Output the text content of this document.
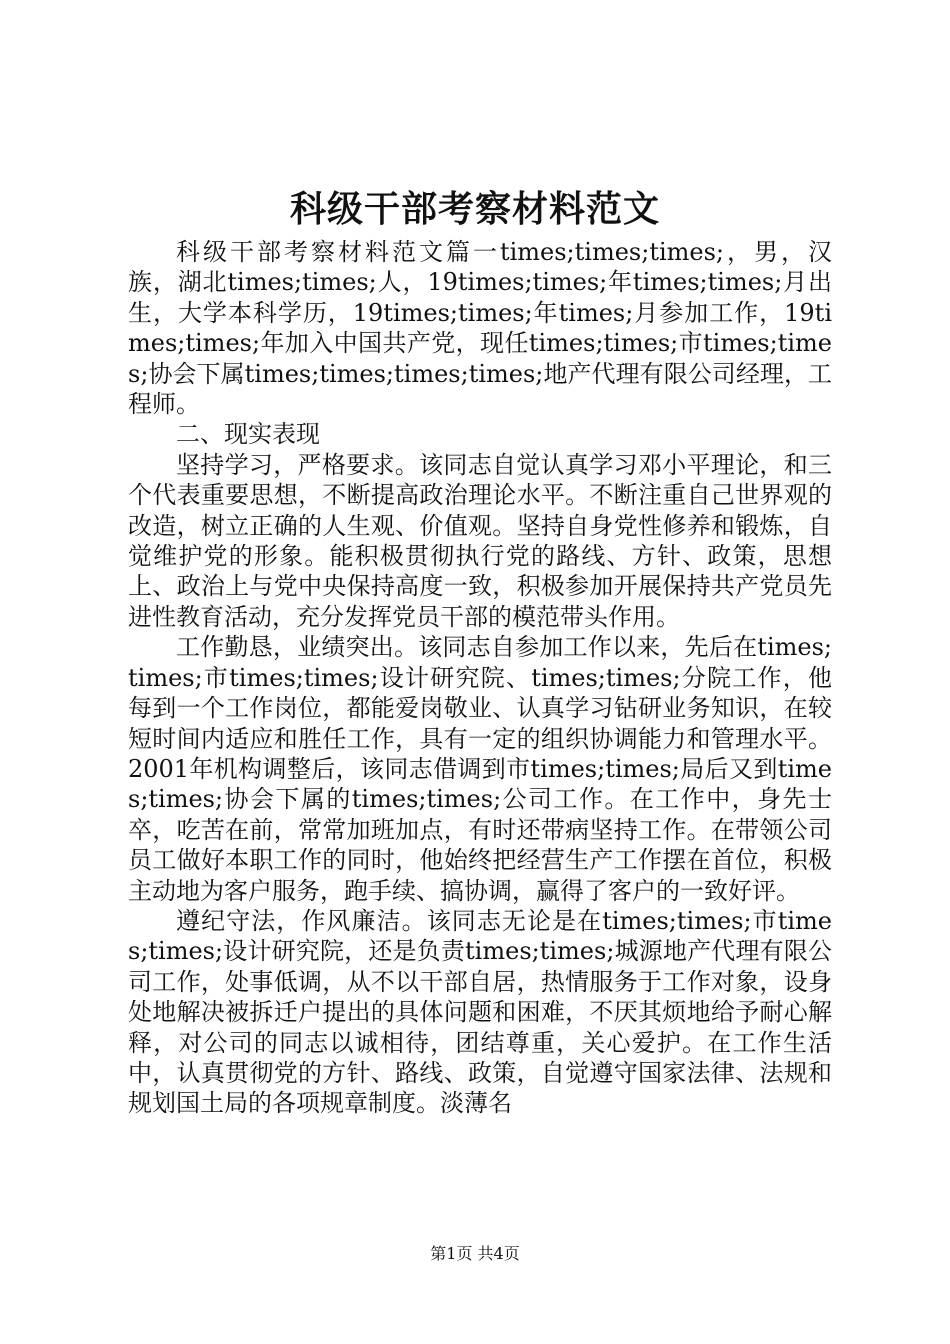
科级干部考察材料范文

科级干部考察材料范文篇一times;times;times;，男，汉族，湖北times;times;人，19times;times;年times;times;月出生，大学本科学历，19times;times;年times;月参加工作，19times;times;年加入中国共产党，现任times;times;市times;times;协会下属times;times;times;times;地产代理有限公司经理，工程师。

二、现实表现

坚持学习，严格要求。该同志自觉认真学习邓小平理论，和三个代表重要思想，不断提高政治理论水平。不断注重自己世界观的改造，树立正确的人生观、价值观。坚持自身党性修养和锻炼，自觉维护党的形象。能积极贯彻执行党的路线、方针、政策，思想上、政治上与党中央保持高度一致，积极参加开展保持共产党员先进性教育活动，充分发挥党员干部的模范带头作用。

工作勤恳，业绩突出。该同志自参加工作以来，先后在times;times;市times;times;设计研究院、times;times;分院工作，他每到一个工作岗位，都能爱岗敬业、认真学习钻研业务知识，在较短时间内适应和胜任工作，具有一定的组织协调能力和管理水平。2001年机构调整后，该同志借调到市times;times;局后又到times;times;协会下属的times;times;公司工作。在工作中，身先士卒，吃苦在前，常常加班加点，有时还带病坚持工作。在带领公司员工做好本职工作的同时，他始终把经营生产工作摆在首位，积极主动地为客户服务，跑手续、搞协调，赢得了客户的一致好评。

遵纪守法，作风廉洁。该同志无论是在times;times;市times;times;设计研究院，还是负责times;times;城源地产代理有限公司工作，处事低调，从不以干部自居，热情服务于工作对象，设身处地解决被拆迁户提出的具体问题和困难，不厌其烦地给予耐心解释，对公司的同志以诚相待，团结尊重，关心爱护。在工作生活中，认真贯彻党的方针、路线、政策，自觉遵守国家法律、法规和规划国土局的各项规章制度。淡薄名

第1页 共4页
